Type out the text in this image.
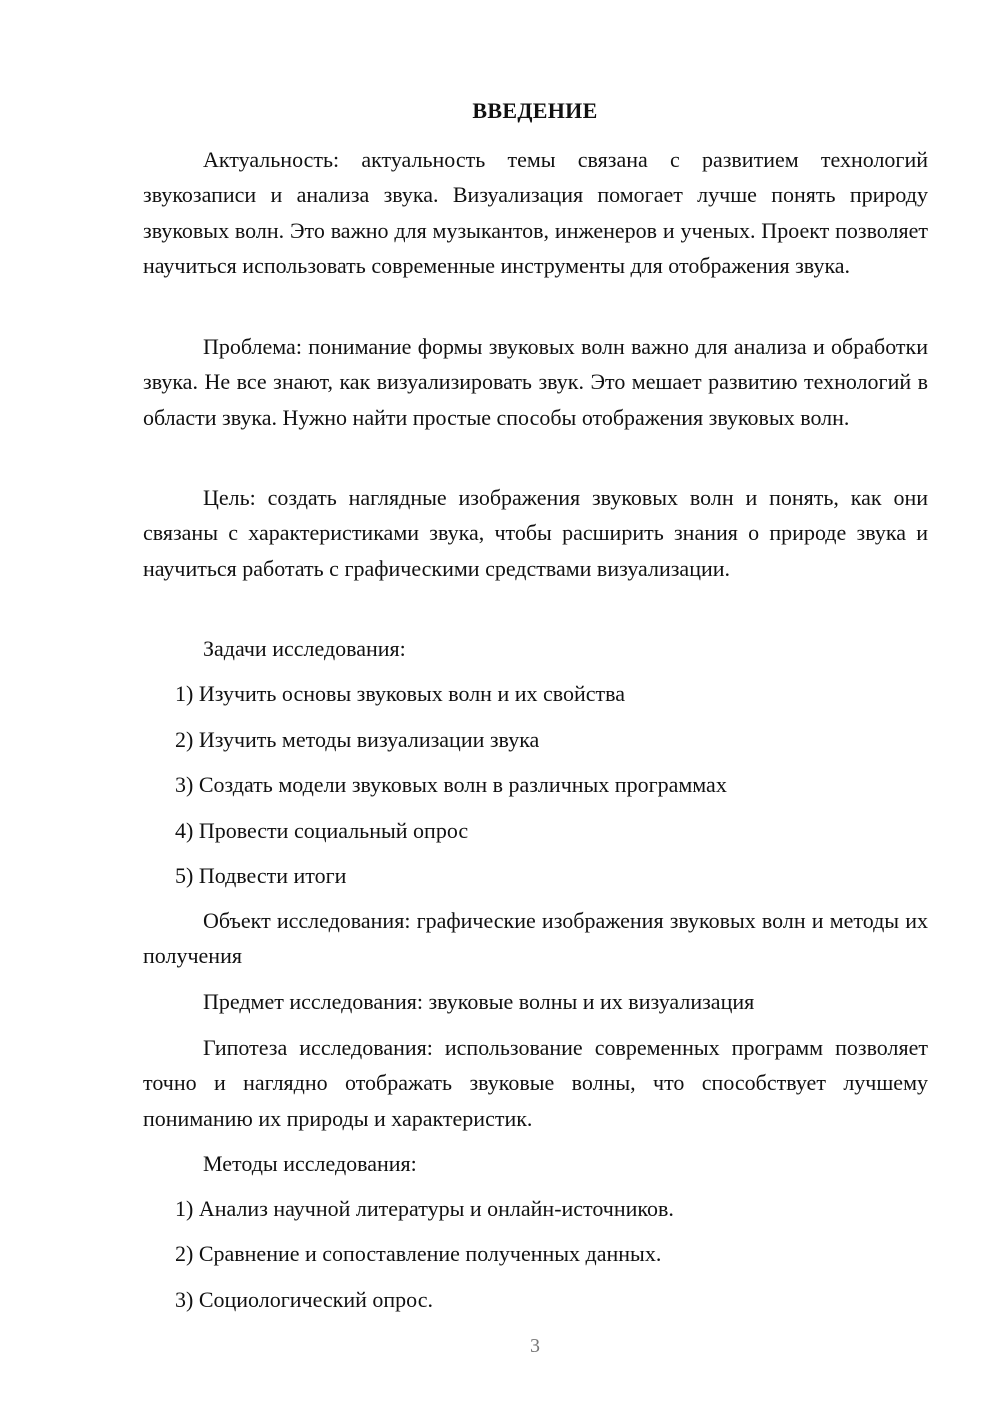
ВВЕДЕНИЕ

Актуальность: актуальность темы связана с развитием технологий звукозаписи и анализа звука. Визуализация помогает лучше понять природу звуковых волн. Это важно для музыкантов, инженеров и ученых. Проект позволяет научиться использовать современные инструменты для отображения звука.

Проблема: понимание формы звуковых волн важно для анализа и обработки звука. Не все знают, как визуализировать звук. Это мешает развитию технологий в области звука. Нужно найти простые способы отображения звуковых волн.

Цель: создать наглядные изображения звуковых волн и понять, как они связаны с характеристиками звука, чтобы расширить знания о природе звука и научиться работать с графическими средствами визуализации.

Задачи исследования:

1) Изучить основы звуковых волн и их свойства

2) Изучить методы визуализации звука

3) Создать модели звуковых волн в различных программах

4) Провести социальный опрос

5) Подвести итоги

Объект исследования: графические изображения звуковых волн и методы их получения

Предмет исследования: звуковые волны и их визуализация

Гипотеза исследования: использование современных программ позволяет точно и наглядно отображать звуковые волны, что способствует лучшему пониманию их природы и характеристик.

Методы исследования:

1) Анализ научной литературы и онлайн-источников.

2) Сравнение и сопоставление полученных данных.

3) Социологический опрос.

3
